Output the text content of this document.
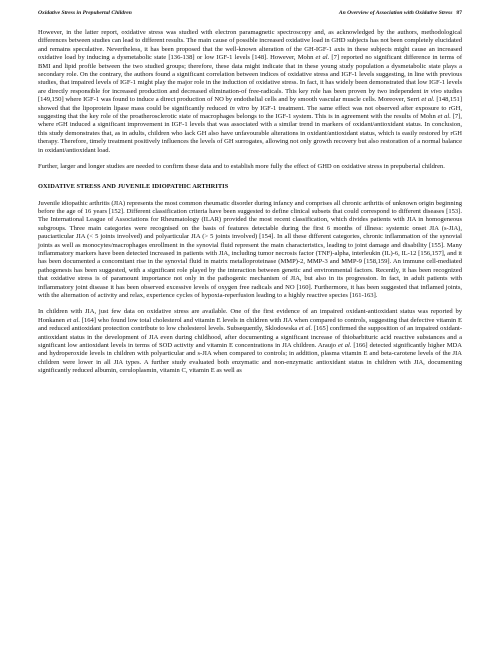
Oxidative Stress in Prepubertal Children	An Overview of Association with Oxidative Stress 87

However, in the latter report, oxidative stress was studied with electron paramagnetic spectroscopy and, as acknowledged by the authors, methodological differences between studies can lead to different results. The main cause of possible increased oxidative load in GHD subjects has not been completely elucidated and remains speculative. Nevertheless, it has been proposed that the well-known alteration of the GH-IGF-1 axis in these subjects might cause an increased oxidative load by inducing a dysmetabolic state [136-138] or low IGF-1 levels [148]. However, Mohn et al. [7] reported no significant difference in terms of BMI and lipid profile between the two studied groups; therefore, these data might indicate that in these young study population a dysmetabolic state plays a secondary role. On the contrary, the authors found a significant correlation between indices of oxidative stress and IGF-1 levels suggesting, in line with previous studies, that impaired levels of IGF-1 might play the major role in the induction of oxidative stress. In fact, it has widely been demonstrated that low IGF-1 levels are directly responsible for increased production and decreased elimination-of free-radicals. This key role has been proven by two independent in vivo studies [149,150] where IGF-1 was found to induce a direct production of NO by endothelial cells and by smooth vascular muscle cells. Moreover, Serri et al. [148,151] showed that the lipoprotein lipase mass could be significantly reduced in vitro by IGF-1 treatment. The same effect was not observed after exposure to rGH, suggesting that the key role of the proatherosclerotic state of macrophages belongs to the IGF-1 system. This is in agreement with the results of Mohn et al. [7], where rGH induced a significant improvement in IGF-1 levels that was associated with a similar trend in markers of oxidant/antioxidant status. In conclusion, this study demonstrates that, as in adults, children who lack GH also have unfavourable alterations in oxidant/antioxidant status, which is easily restored by rGH therapy. Therefore, timely treatment positively influences the levels of GH surrogates, allowing not only growth recovery but also restoration of a normal balance in oxidant/antioxidant load.

Further, larger and longer studies are needed to confirm these data and to establish more fully the effect of GHD on oxidative stress in prepubertal children.

OXIDATIVE STRESS AND JUVENILE IDIOPATHIC ARTHRITIS

Juvenile idiopathic arthritis (JIA) represents the most common rheumatic disorder during infancy and comprises all chronic arthritis of unknown origin beginning before the age of 16 years [152]. Different classification criteria have been suggested to define clinical subsets that could correspond to different diseases [153]. The International League of Associations for Rheumatology (ILAR) provided the most recent classification, which divides patients with JIA in homogeneous subgroups. Three main categories were recognised on the basis of features detectable during the first 6 months of illness: systemic onset JIA (s-JIA), pauciarticular JIA (< 5 joints involved) and polyarticular JIA (> 5 joints involved) [154]. In all these different categories, chronic inflammation of the synovial joints as well as monocytes/macrophages enrollment in the synovial fluid represent the main characteristics, leading to joint damage and disability [155]. Many inflammatory markers have been detected increased in patients with JIA, including tumor necrosis factor (TNF)-alpha, interleukin (IL)-6, IL-12 [156,157], and it has been documented a concomitant rise in the synovial fluid in matrix metalloproteinase (MMP)-2, MMP-3 and MMP-9 [158,159]. An immune cell-mediated pathogenesis has been suggested, with a significant role played by the interaction between genetic and environmental factors. Recently, it has been recognized that oxidative stress is of paramount importance not only in the pathogenic mechanism of JIA, but also in its progression. In fact, in adult patients with inflammatory joint disease it has been observed excessive levels of oxygen free radicals and NO [160]. Furthermore, it has been suggested that inflamed joints, with the alternation of activity and relax, experience cycles of hypoxia-reperfusion leading to a highly reactive species [161-163].

In children with JIA, just few data on oxidative stress are available. One of the first evidence of an impaired oxidant-antioxidant status was reported by Honkanen et al. [164] who found low total cholesterol and vitamin E levels in children with JIA when compared to controls, suggesting that defective vitamin E and reduced antioxidant protection contribute to low cholesterol levels. Subsequently, Sklodowska et al. [165] confirmed the supposition of an impaired oxidant-antioxidant status in the development of JIA even during childhood, after documenting a significant increase of thiobarbituric acid reactive substances and a significant low antioxidant levels in terms of SOD activity and vitamin E concentrations in JIA children. Araujo et al. [166] detected significantly higher MDA and hydroperoxide levels in children with polyarticular and s-JIA when compared to controls; in addition, plasma vitamin E and beta-carotene levels of the JIA children were lower in all JIA types. A further study evaluated both enzymatic and non-enzymatic antioxidant status in children with JIA, documenting significantly reduced albumin, ceruloplasmin, vitamin C, vitamin E as well as
